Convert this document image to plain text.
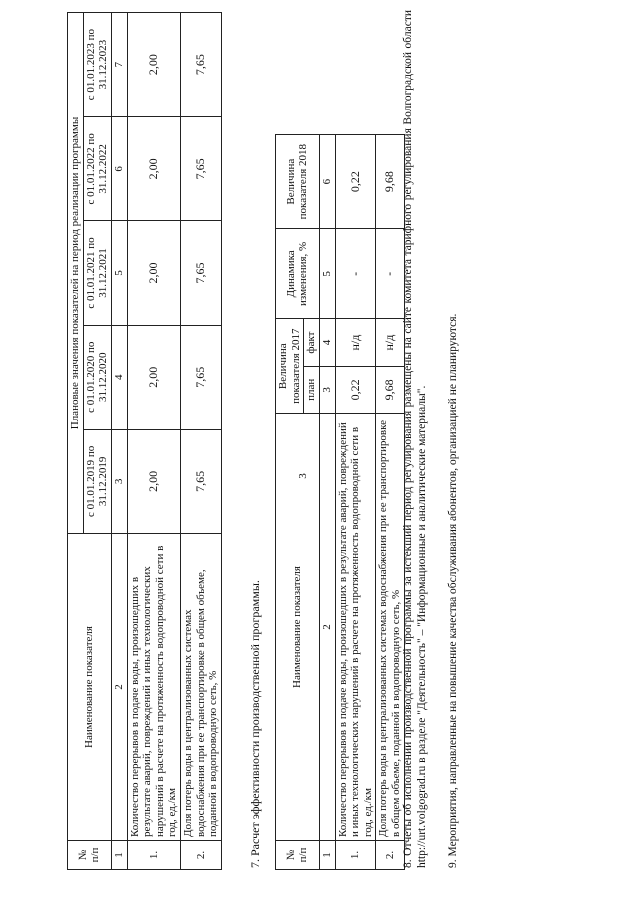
3
№ п/п	Наименование показателя	Плановые значения показателей на период реализации программы				
		с 01.01.2019 по 31.12.2019	с 01.01.2020 по 31.12.2020	с 01.01.2021 по 31.12.2021	с 01.01.2022 по 31.12.2022	с 01.01.2023 по 31.12.2023
1	2	3	4	5	6	7
1.	Количество перерывов в подаче воды, произошедших в результате аварий, повреждений и иных технологических нарушений в расчете на протяженность водопроводной сети в год, ед./км	2,00	2,00	2,00	2,00	2,00
2.	Доля потерь воды в централизованных системах водоснабжения при ее транспортировке в общем объеме, поданной в водопроводную сеть, %	7,65	7,65	7,65	7,65	7,65
7. Расчет эффективности производственной программы. № п/п	Наименование показателя	Величина показателя 2017		Динамика изменения, %	Величина показателя 2018
		план	факт		
1	2	3	4	5	6
1.	Количество перерывов в подаче воды, произошедших в результате аварий, повреждений и иных технологических нарушений в расчете на протяженность водопроводной сети в год, ед./км	0,22	н/д	-	0,22
2.	Доля потерь воды в централизованных системах водоснабжения при ее транспортировке в общем объеме, поданной в водопроводную сеть, %	9,68	н/д	-	9,68 8. Отчеты об исполнении производственной программы за истекший период регулирования размещены на сайте комитета тарифного регулирования Волгоградской области http://urt.volgograd.ru в разделе "Деятельность" – "Информационные и аналитические материалы". 9. Мероприятия, направленные на повышение качества обслуживания абонентов, организацией не планируются.
